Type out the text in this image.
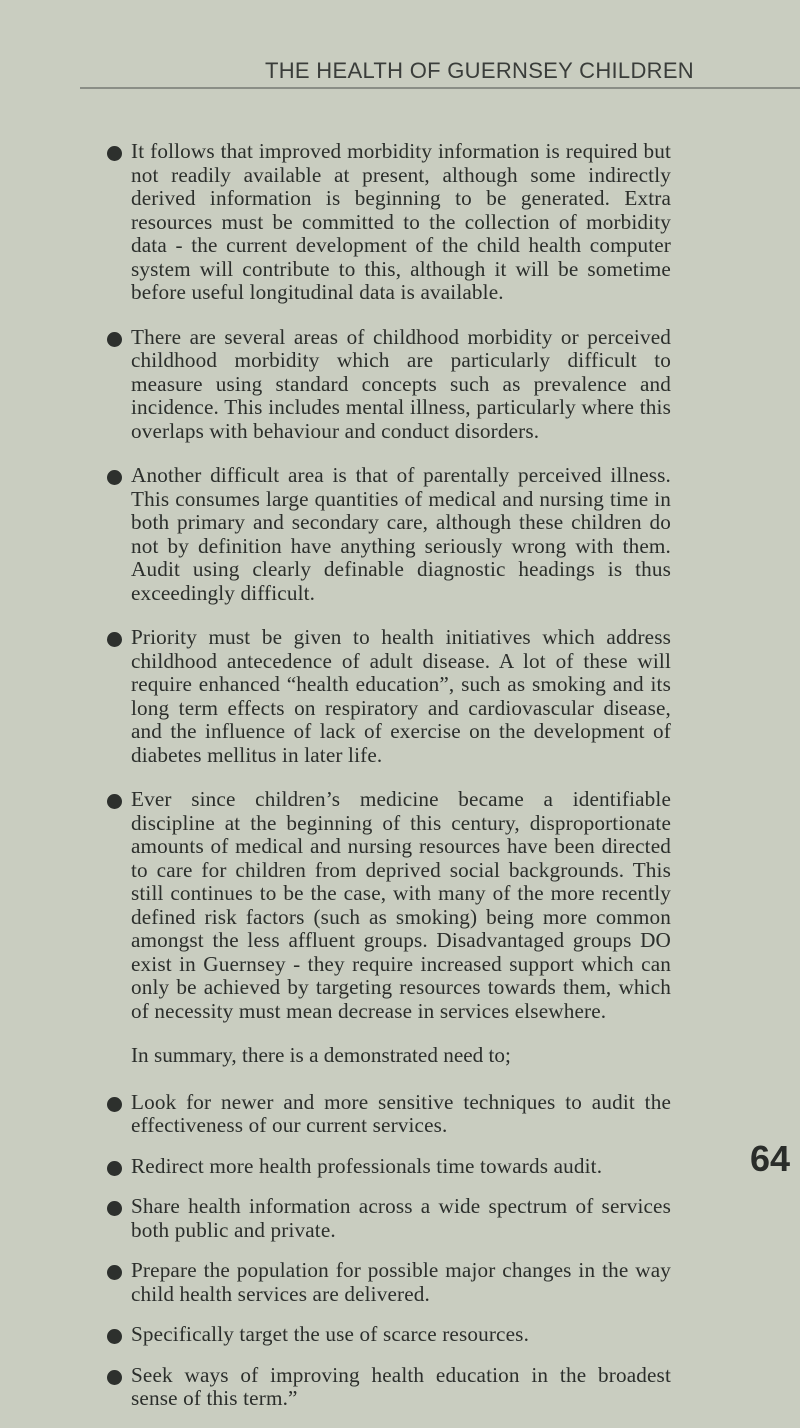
THE HEALTH OF GUERNSEY CHILDREN
It follows that improved morbidity information is required but not readily available at present, although some indirectly derived information is beginning to be generated. Extra resources must be committed to the collection of morbidity data - the current development of the child health computer system will contribute to this, although it will be sometime before useful longitudinal data is available.
There are several areas of childhood morbidity or perceived childhood morbidity which are particularly difficult to measure using standard concepts such as prevalence and incidence. This includes mental illness, particularly where this overlaps with behaviour and conduct disorders.
Another difficult area is that of parentally perceived illness. This consumes large quantities of medical and nursing time in both primary and secondary care, although these children do not by definition have anything seriously wrong with them. Audit using clearly definable diagnostic headings is thus exceedingly difficult.
Priority must be given to health initiatives which address childhood antecedence of adult disease. A lot of these will require enhanced “health education”, such as smoking and its long term effects on respiratory and cardiovascular disease, and the influence of lack of exercise on the development of diabetes mellitus in later life.
Ever since children’s medicine became a identifiable discipline at the beginning of this century, disproportionate amounts of medical and nursing resources have been directed to care for children from deprived social backgrounds. This still continues to be the case, with many of the more recently defined risk factors (such as smoking) being more common amongst the less affluent groups. Disadvantaged groups DO exist in Guernsey - they require increased support which can only be achieved by targeting resources towards them, which of necessity must mean decrease in services elsewhere.
In summary, there is a demonstrated need to;
Look for newer and more sensitive techniques to audit the effectiveness of our current services.
Redirect more health professionals time towards audit.
Share health information across a wide spectrum of services both public and private.
Prepare the population for possible major changes in the way child health services are delivered.
Specifically target the use of scarce resources.
Seek ways of improving health education in the broadest sense of this term.”
64
